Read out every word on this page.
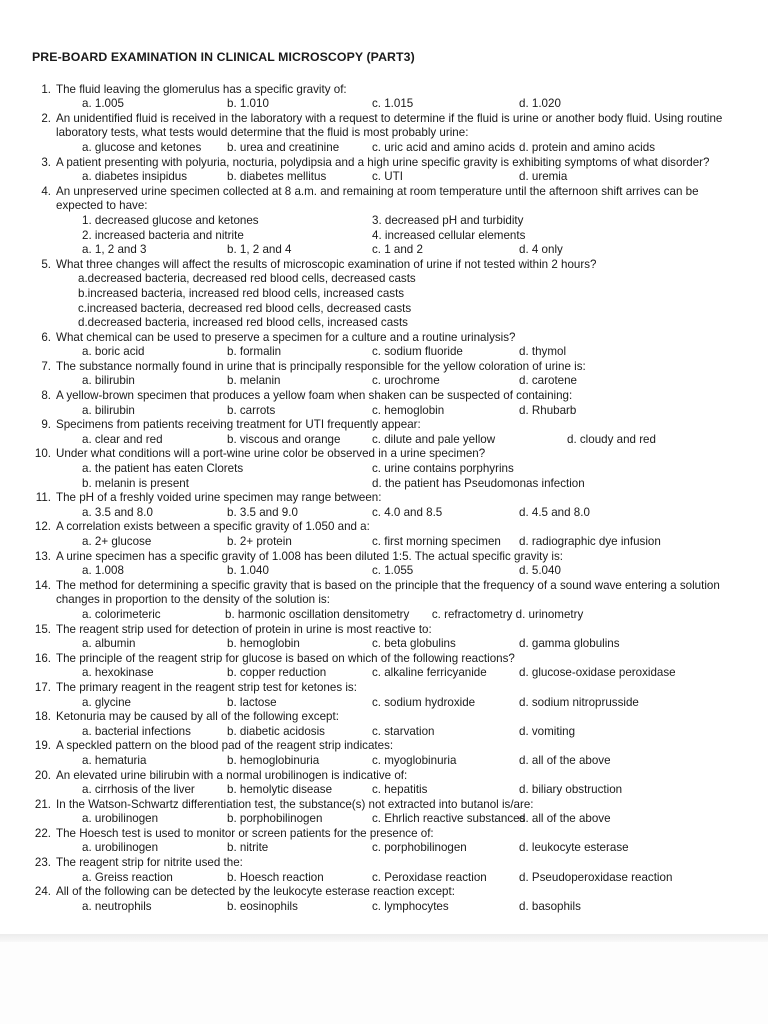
PRE-BOARD EXAMINATION IN CLINICAL MICROSCOPY (PART3)
1. The fluid leaving the glomerulus has a specific gravity of:
a. 1.005	b. 1.010	c. 1.015	d. 1.020
2. An unidentified fluid is received in the laboratory with a request to determine if the fluid is urine or another body fluid. Using routine laboratory tests, what tests would determine that the fluid is most probably urine:
a. glucose and ketones b. urea and creatinine	c. uric acid and amino acids d. protein and amino acids
3. A patient presenting with polyuria, nocturia, polydipsia and a high urine specific gravity is exhibiting symptoms of what disorder?
a. diabetes insipidus	b. diabetes mellitus	c. UTI	d. uremia
4. An unpreserved urine specimen collected at 8 a.m. and remaining at room temperature until the afternoon shift arrives can be expected to have:
1. decreased glucose and ketones	3. decreased pH and turbidity
2. increased bacteria and nitrite	4. increased cellular elements
a. 1, 2 and 3	b. 1, 2 and 4	c. 1 and 2	d. 4 only
5. What three changes will affect the results of microscopic examination of urine if not tested within 2 hours?
a.decreased bacteria, decreased red blood cells, decreased casts
b.increased bacteria, increased red blood cells, increased casts
c.increased bacteria, decreased red blood cells, decreased casts
d.decreased bacteria, increased red blood cells, increased casts
6. What chemical can be used to preserve a specimen for a culture and a routine urinalysis?
a. boric acid	b. formalin	c. sodium fluoride	d. thymol
7. The substance normally found in urine that is principally responsible for the yellow coloration of urine is:
a. bilirubin	b. melanin	c. urochrome	d. carotene
8. A yellow-brown specimen that produces a yellow foam when shaken can be suspected of containing:
a. bilirubin	b. carrots	c. hemoglobin	d. Rhubarb
9. Specimens from patients receiving treatment for UTI frequently appear:
a. clear and red	b. viscous and orange	c. dilute and pale yellow	d. cloudy and red
10. Under what conditions will a port-wine urine color be observed in a urine specimen?
a. the patient has eaten Clorets	c. urine contains porphyrins
b. melanin is present	d. the patient has Pseudomonas infection
11. The pH of a freshly voided urine specimen may range between:
a. 3.5 and 8.0	b. 3.5 and 9.0	c. 4.0 and 8.5	d. 4.5 and 8.0
12. A correlation exists between a specific gravity of 1.050 and a:
a. 2+ glucose	b. 2+ protein	c. first morning specimen d. radiographic dye infusion
13. A urine specimen has a specific gravity of 1.008 has been diluted 1:5. The actual specific gravity is:
a. 1.008	b. 1.040	c. 1.055	d. 5.040
14. The method for determining a specific gravity that is based on the principle that the frequency of a sound wave entering a solution changes in proportion to the density of the solution is:
a. colorimeteric                    b. harmonic oscillation densitometry       c. refractometry d. urinometry
15. The reagent strip used for detection of protein in urine is most reactive to:
a. albumin	b. hemoglobin	c. beta globulins	d. gamma globulins
16. The principle of the reagent strip for glucose is based on which of the following reactions?
a. hexokinase	b. copper reduction	c. alkaline ferricyanide	d. glucose-oxidase peroxidase
17. The primary reagent in the reagent strip test for ketones is:
a. glycine	b. lactose	c. sodium hydroxide	d. sodium nitroprusside
18. Ketonuria may be caused by all of the following except:
a. bacterial infections	b. diabetic acidosis	c. starvation	d. vomiting
19. A speckled pattern on the blood pad of the reagent strip indicates:
a. hematuria	b. hemoglobinuria	c. myoglobinuria	d. all of the above
20. An elevated urine bilirubin with a normal urobilinogen is indicative of:
a. cirrhosis of the liver	b. hemolytic disease	c. hepatitis	d. biliary obstruction
21. In the Watson-Schwartz differentiation test, the substance(s) not extracted into butanol is/are:
a. urobilinogen	b. porphobilinogen	c. Ehrlich reactive substances
d. all of the above
22. The Hoesch test is used to monitor or screen patients for the presence of:
a. urobilinogen	b. nitrite	c. porphobilinogen	d. leukocyte esterase
23. The reagent strip for nitrite used the:
a. Greiss reaction	b. Hoesch reaction	c. Peroxidase reaction	d. Pseudoperoxidase reaction
24. All of the following can be detected by the leukocyte esterase reaction except:
a. neutrophils	b. eosinophils	c. lymphocytes	d. basophils
